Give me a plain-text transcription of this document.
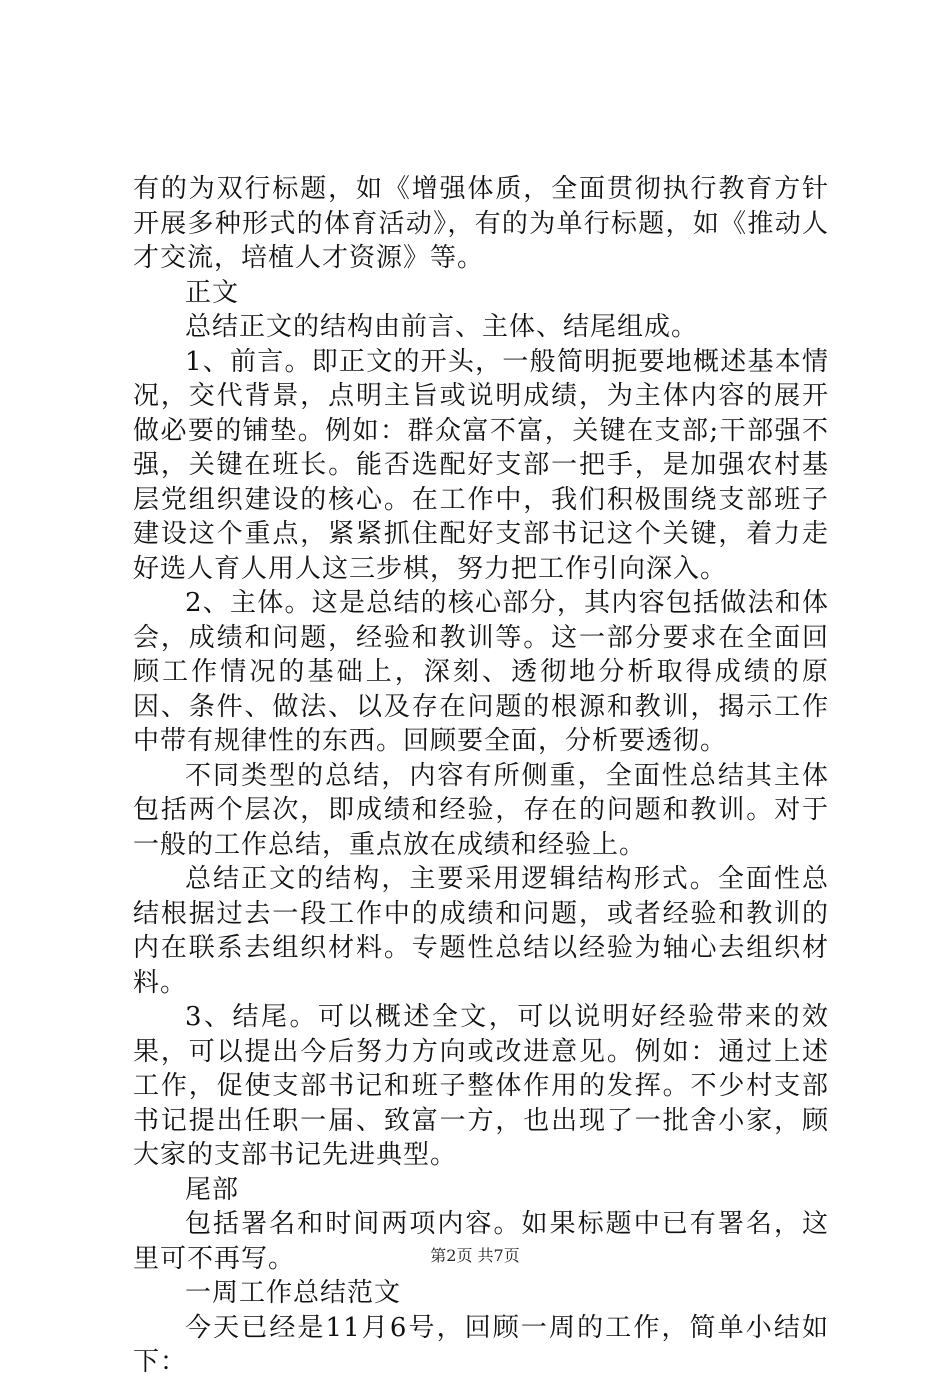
有的为双行标题，如《增强体质，全面贯彻执行教育方针开展多种形式的体育活动》，有的为单行标题，如《推动人才交流，培植人才资源》等。

正文

总结正文的结构由前言、主体、结尾组成。

1、前言。即正文的开头，一般简明扼要地概述基本情况，交代背景，点明主旨或说明成绩，为主体内容的展开做必要的铺垫。例如：群众富不富，关键在支部;干部强不强，关键在班长。能否选配好支部一把手，是加强农村基层党组织建设的核心。在工作中，我们积极围绕支部班子建设这个重点，紧紧抓住配好支部书记这个关键，着力走好选人育人用人这三步棋，努力把工作引向深入。

2、主体。这是总结的核心部分，其内容包括做法和体会，成绩和问题，经验和教训等。这一部分要求在全面回顾工作情况的基础上，深刻、透彻地分析取得成绩的原因、条件、做法、以及存在问题的根源和教训，揭示工作中带有规律性的东西。回顾要全面，分析要透彻。

不同类型的总结，内容有所侧重，全面性总结其主体包括两个层次，即成绩和经验，存在的问题和教训。对于一般的工作总结，重点放在成绩和经验上。

总结正文的结构，主要采用逻辑结构形式。全面性总结根据过去一段工作中的成绩和问题，或者经验和教训的内在联系去组织材料。专题性总结以经验为轴心去组织材料。

3、结尾。可以概述全文，可以说明好经验带来的效果，可以提出今后努力方向或改进意见。例如：通过上述工作，促使支部书记和班子整体作用的发挥。不少村支部书记提出任职一届、致富一方，也出现了一批舍小家，顾大家的支部书记先进典型。

尾部

包括署名和时间两项内容。如果标题中已有署名，这里可不再写。

一周工作总结范文

今天已经是11月6号，回顾一周的工作，简单小结如下：

第2页 共7页
